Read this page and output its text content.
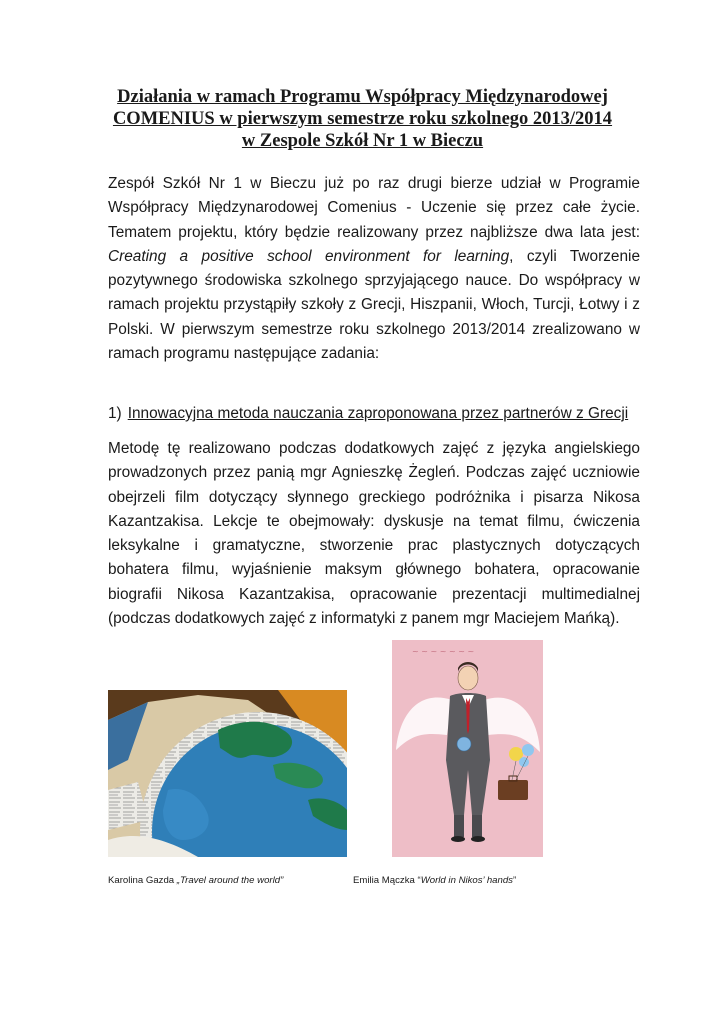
Działania w ramach Programu Współpracy Międzynarodowej
COMENIUS w pierwszym semestrze roku szkolnego 2013/2014
w Zespole Szkół Nr 1 w Bieczu

Zespół Szkół Nr 1 w Bieczu już po raz drugi bierze udział w Programie Współpracy Międzynarodowej Comenius - Uczenie się przez całe życie. Tematem projektu, który będzie realizowany przez najbliższe dwa lata jest: Creating a positive school environment for learning, czyli Tworzenie pozytywnego środowiska szkolnego sprzyjającego nauce. Do współpracy w ramach projektu przystąpiły szkoły z Grecji, Hiszpanii, Włoch, Turcji, Łotwy i z Polski. W pierwszym semestrze roku szkolnego 2013/2014 zrealizowano w ramach programu następujące zadania:

1) Innowacyjna metoda nauczania zaproponowana przez partnerów z Grecji

Metodę tę realizowano podczas dodatkowych zajęć z języka angielskiego prowadzonych przez panią mgr Agnieszkę Żegleń. Podczas zajęć uczniowie obejrzeli film dotyczący słynnego greckiego podróżnika i pisarza Nikosa Kazantzakisa. Lekcje te obejmowały: dyskusje na temat filmu, ćwiczenia leksykalne i gramatyczne, stworzenie prac plastycznych dotyczących bohatera filmu, wyjaśnienie maksym głównego bohatera, opracowanie biografii Nikosa Kazantzakisa, opracowanie prezentacji multimedialnej (podczas dodatkowych zajęć z informatyki z panem mgr Maciejem Mańką).

~ ~ ~ ~ ~ ~ ~

Karolina Gazda „Travel around the world”	Emilia Mączka “World in Nikos’ hands”
